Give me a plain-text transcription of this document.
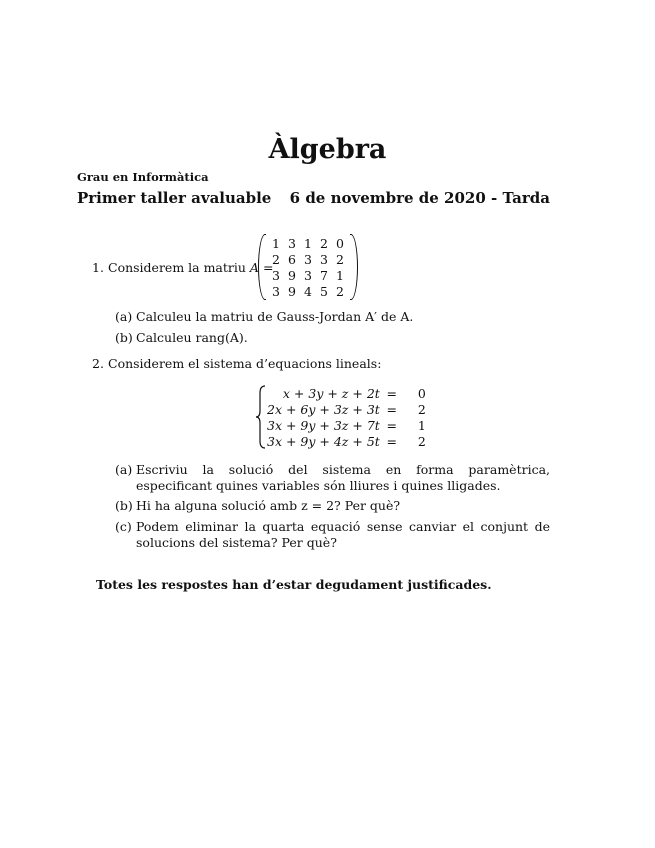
Àlgebra
Grau en Informàtica
Primer taller avaluable 6 de novembre de 2020 - Tarda
1. Considerem la matriu A =
1 3 1 2 0
2 6 3 3 2
3 9 3 7 1
3 9 4 5 2
(a) Calculeu la matriu de Gauss-Jordan A′ de A.
(b) Calculeu rang(A).
2. Considerem el sistema d’equacions lineals:
x + 3y + z + 2t =	0
2x + 6y + 3z + 3t =	2
3x + 9y + 3z + 7t =	1
3x + 9y + 4z + 5t =	2
(a) Escriviu la solució del sistema en forma paramètrica, especificant quines variables són lliures i quines lligades.
(b) Hi ha alguna solució amb z = 2? Per què?
(c) Podem eliminar la quarta equació sense canviar el conjunt de solucions del sistema? Per què?
Totes les respostes han d’estar degudament justificades.
